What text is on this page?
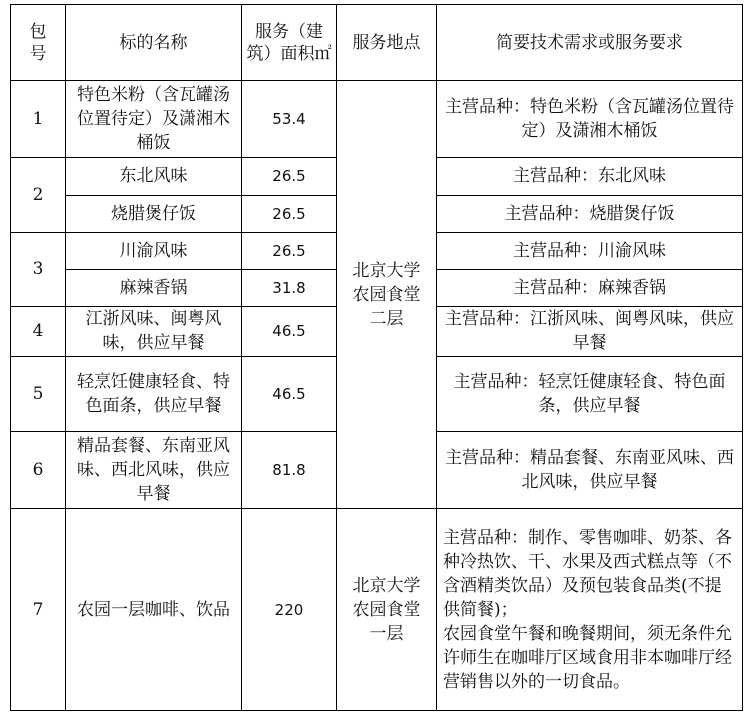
包号	标的名称	服务（建筑）面积㎡	服务地点	简要技术需求或服务要求
1	特色米粉（含瓦罐汤位置待定）及潇湘木桶饭	53.4	北京大学农园食堂二层	主营品种：特色米粉（含瓦罐汤位置待定）及潇湘木桶饭
2	东北风味	26.5		主营品种：东北风味
	烧腊煲仔饭	26.5		主营品种：烧腊煲仔饭
3	川渝风味	26.5		主营品种：川渝风味
	麻辣香锅	31.8		主营品种：麻辣香锅
4	江浙风味、闽粤风味，供应早餐	46.5		主营品种：江浙风味、闽粤风味，供应早餐
5	轻烹饪健康轻食、特色面条，供应早餐	46.5		主营品种：轻烹饪健康轻食、特色面条，供应早餐
6	精品套餐、东南亚风味、西北风味，供应早餐	81.8		主营品种：精品套餐、东南亚风味、西北风味，供应早餐
7	农园一层咖啡、饮品	220	北京大学农园食堂一层	主营品种：制作、零售咖啡、奶茶、各种冷热饮、干、水果及西式糕点等（不含酒精类饮品）及预包装食品类(不提供简餐)；
农园食堂午餐和晚餐期间，须无条件允许师生在咖啡厅区域食用非本咖啡厅经营销售以外的一切食品。
